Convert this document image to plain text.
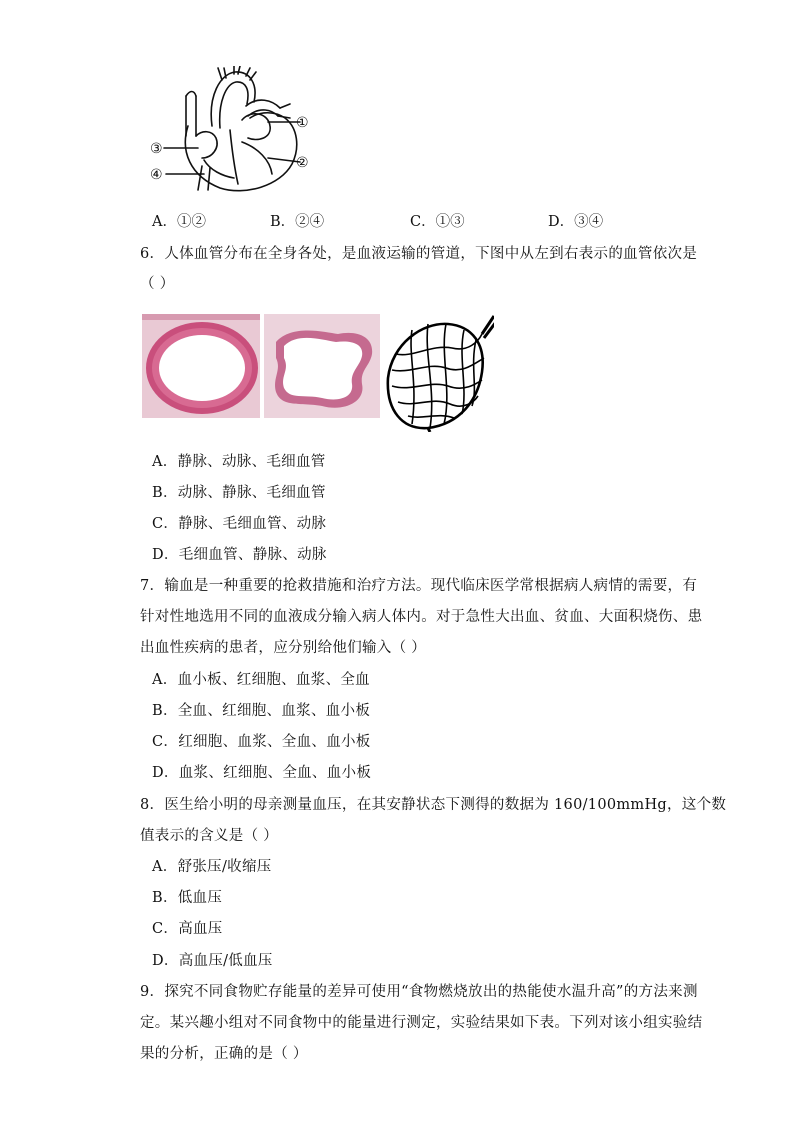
①
②
③
④
A．①②	B．②④	C．①③	D．③④
6．人体血管分布在全身各处，是血液运输的管道，下图中从左到右表示的血管依次是
（ ）
A．静脉、动脉、毛细血管
B．动脉、静脉、毛细血管
C．静脉、毛细血管、动脉
D．毛细血管、静脉、动脉
7．输血是一种重要的抢救措施和治疗方法。现代临床医学常根据病人病情的需要，有
针对性地选用不同的血液成分输入病人体内。对于急性大出血、贫血、大面积烧伤、患
出血性疾病的患者，应分别给他们输入（ ）
A．血小板、红细胞、血浆、全血
B．全血、红细胞、血浆、血小板
C．红细胞、血浆、全血、血小板
D．血浆、红细胞、全血、血小板
8．医生给小明的母亲测量血压，在其安静状态下测得的数据为 160/100mmHg，这个数
值表示的含义是（ ）
A．舒张压/收缩压
B．低血压
C．高血压
D．高血压/低血压
9．探究不同食物贮存能量的差异可使用“食物燃烧放出的热能使水温升高”的方法来测
定。某兴趣小组对不同食物中的能量进行测定，实验结果如下表。下列对该小组实验结
果的分析，正确的是（ ）
